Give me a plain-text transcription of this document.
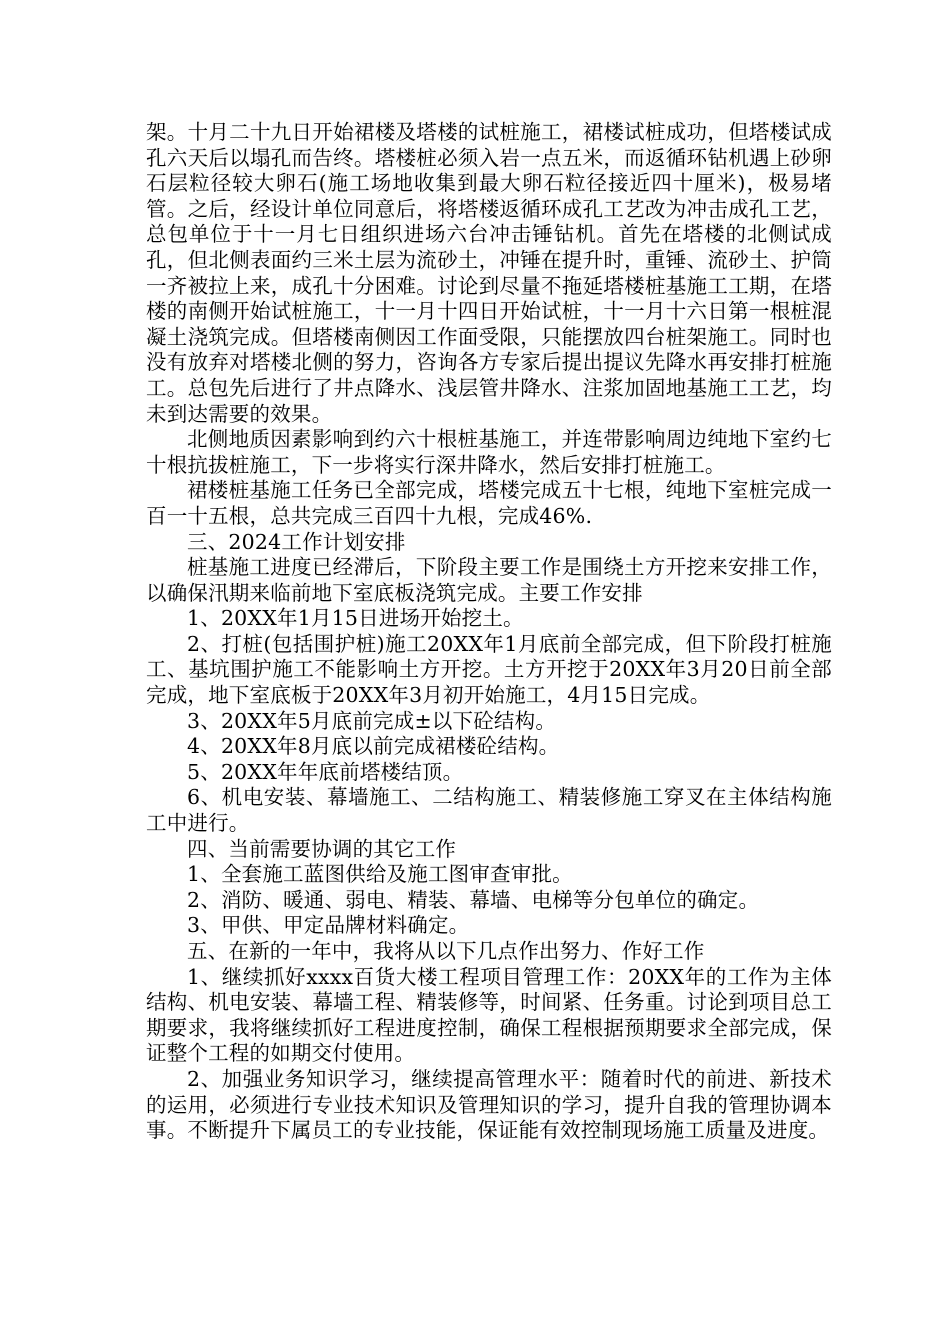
架。十月二十九日开始裙楼及塔楼的试桩施工，裙楼试桩成功，但塔楼试成孔六天后以塌孔而告终。塔楼桩必须入岩一点五米，而返循环钻机遇上砂卵石层粒径较大卵石(施工场地收集到最大卵石粒径接近四十厘米)，极易堵管。之后，经设计单位同意后，将塔楼返循环成孔工艺改为冲击成孔工艺，总包单位于十一月七日组织进场六台冲击锤钻机。首先在塔楼的北侧试成孔，但北侧表面约三米土层为流砂土，冲锤在提升时，重锤、流砂土、护筒一齐被拉上来，成孔十分困难。讨论到尽量不拖延塔楼桩基施工工期，在塔楼的南侧开始试桩施工，十一月十四日开始试桩，十一月十六日第一根桩混凝土浇筑完成。但塔楼南侧因工作面受限，只能摆放四台桩架施工。同时也没有放弃对塔楼北侧的努力，咨询各方专家后提出提议先降水再安排打桩施工。总包先后进行了井点降水、浅层管井降水、注浆加固地基施工工艺，均未到达需要的效果。

北侧地质因素影响到约六十根桩基施工，并连带影响周边纯地下室约七十根抗拔桩施工，下一步将实行深井降水，然后安排打桩施工。

裙楼桩基施工任务已全部完成，塔楼完成五十七根，纯地下室桩完成一百一十五根，总共完成三百四十九根，完成46%.

三、2024工作计划安排

桩基施工进度已经滞后，下阶段主要工作是围绕土方开挖来安排工作，以确保汛期来临前地下室底板浇筑完成。主要工作安排

1、20XX年1月15日进场开始挖土。

2、打桩(包括围护桩)施工20XX年1月底前全部完成，但下阶段打桩施工、基坑围护施工不能影响土方开挖。土方开挖于20XX年3月20日前全部完成，地下室底板于20XX年3月初开始施工，4月15日完成。

3、20XX年5月底前完成±以下砼结构。

4、20XX年8月底以前完成裙楼砼结构。

5、20XX年年底前塔楼结顶。

6、机电安装、幕墙施工、二结构施工、精装修施工穿叉在主体结构施工中进行。

四、当前需要协调的其它工作

1、全套施工蓝图供给及施工图审查审批。

2、消防、暖通、弱电、精装、幕墙、电梯等分包单位的确定。

3、甲供、甲定品牌材料确定。

五、在新的一年中，我将从以下几点作出努力、作好工作

1、继续抓好xxxx百货大楼工程项目管理工作：20XX年的工作为主体结构、机电安装、幕墙工程、精装修等，时间紧、任务重。讨论到项目总工期要求，我将继续抓好工程进度控制，确保工程根据预期要求全部完成，保证整个工程的如期交付使用。

2、加强业务知识学习，继续提高管理水平：随着时代的前进、新技术的运用，必须进行专业技术知识及管理知识的学习，提升自我的管理协调本事。不断提升下属员工的专业技能，保证能有效控制现场施工质量及进度。
